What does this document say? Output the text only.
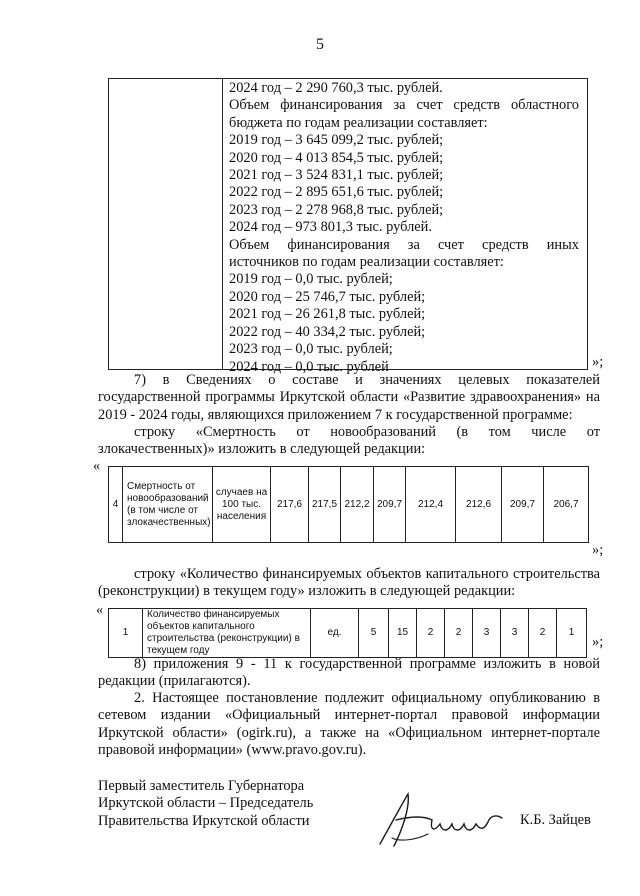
5
2024 год – 2 290 760,3 тыс. рублей.
Объем финансирования за счет средств областного
бюджета по годам реализации составляет:
2019 год – 3 645 099,2 тыс. рублей;
2020 год – 4 013 854,5 тыс. рублей;
2021 год – 3 524 831,1 тыс. рублей;
2022 год – 2 895 651,6 тыс. рублей;
2023 год – 2 278 968,8 тыс. рублей;
2024 год – 973 801,3 тыс. рублей.
Объем финансирования за счет средств иных
источников по годам реализации составляет:
2019 год – 0,0 тыс. рублей;
2020 год – 25 746,7 тыс. рублей;
2021 год – 26 261,8 тыс. рублей;
2022 год – 40 334,2 тыс. рублей;
2023 год – 0,0 тыс. рублей;
2024 год – 0,0 тыс. рублей	»;
7) в Сведениях о составе и значениях целевых показателей
государственной программы Иркутской области «Развитие здравоохранения» на
2019 - 2024 годы, являющихся приложением 7 к государственной программе:
строку «Смертность от новообразований (в том числе от
злокачественных)» изложить в следующей редакции:
«
4	Смертность от новообразований (в том числе от злокачественных)	случаев на 100 тыс. населения	217,6	217,5	212,2	209,7	212,4	212,6	209,7	206,7
»;
строку «Количество финансируемых объектов капитального строительства
(реконструкции) в текущем году» изложить в следующей редакции:
«
1	Количество финансируемых объектов капитального строительства (реконструкции) в текущем году	ед.	5	15	2	2	3	3	2	1
»;
8) приложения 9 - 11 к государственной программе изложить в новой
редакции (прилагаются).
2. Настоящее постановление подлежит официальному опубликованию в
сетевом издании «Официальный интернет-портал правовой информации
Иркутской области» (ogirk.ru), а также на «Официальном интернет-портале
правовой информации» (www.pravo.gov.ru).
Первый заместитель Губернатора
Иркутской области – Председатель
Правительства Иркутской области	К.Б. Зайцев
